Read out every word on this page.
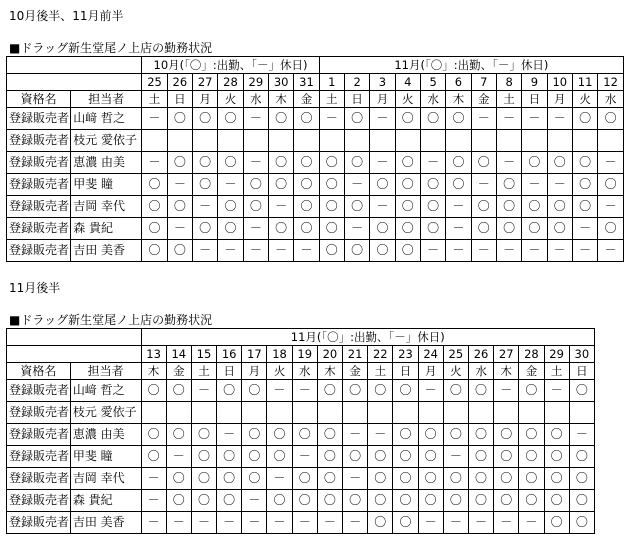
10月後半、11月前半
■ドラッグ新生堂尾ノ上店の勤務状況
		10月(「〇」:出勤、「－」休日)							11月(「〇」:出勤、「－」休日)											
		25	26	27	28	29	30	31	1	2	3	4	5	6	7	8	9	10	11	12
資格名	担当者	土	日	月	火	水	木	金	土	日	月	火	水	木	金	土	日	月	火	水
登録販売者	山﨑 哲之	－	〇	〇	〇	－	〇	〇	－	〇	－	〇	〇	〇	－	－	－	－	〇	〇
登録販売者	枝元 愛依子																			
登録販売者	恵濃 由美	－	〇	〇	〇	－	〇	〇	〇	〇	－	〇	－	〇	〇	－	〇	〇	〇	－
登録販売者	甲斐 瞳	〇	－	〇	－	〇	〇	〇	〇	－	〇	〇	〇	〇	－	〇	－	－	〇	〇
登録販売者	吉岡 幸代	〇	〇	－	〇	〇	－	〇	〇	〇	－	〇	〇	－	〇	〇	〇	〇	〇	－
登録販売者	森 貴紀	〇	－	〇	〇	－	〇	〇	〇	－	〇	〇	〇	－	〇	〇	〇	〇	－	〇
登録販売者	吉田 美香	〇	〇	－	－	－	－	－	〇	〇	〇	〇	－	－	－	－	－	－	－	－
11月後半
■ドラッグ新生堂尾ノ上店の勤務状況
		11月(「〇」:出勤、「－」休日)																	
		13	14	15	16	17	18	19	20	21	22	23	24	25	26	27	28	29	30
資格名	担当者	木	金	土	日	月	火	水	木	金	土	日	月	火	水	木	金	土	日
登録販売者	山﨑 哲之	〇	〇	－	〇	〇	－	－	〇	〇	〇	〇	－	〇	〇	－	〇	－	〇
登録販売者	枝元 愛依子																		
登録販売者	恵濃 由美	〇	〇	〇	－	〇	〇	〇	〇	－	－	〇	〇	〇	〇	〇	〇	〇	－
登録販売者	甲斐 瞳	〇	－	〇	〇	〇	〇	－	〇	〇	〇	〇	〇	－	〇	〇	〇	〇	〇
登録販売者	吉岡 幸代	－	〇	〇	〇	〇	－	〇	〇	－	〇	〇	〇	〇	〇	〇	〇	〇	〇
登録販売者	森 貴紀	－	〇	〇	〇	－	〇	〇	〇	〇	〇	〇	〇	〇	〇	〇	〇	〇	〇
登録販売者	吉田 美香	－	－	－	－	－	－	－	－	－	〇	〇	－	－	－	－	－	〇	〇
